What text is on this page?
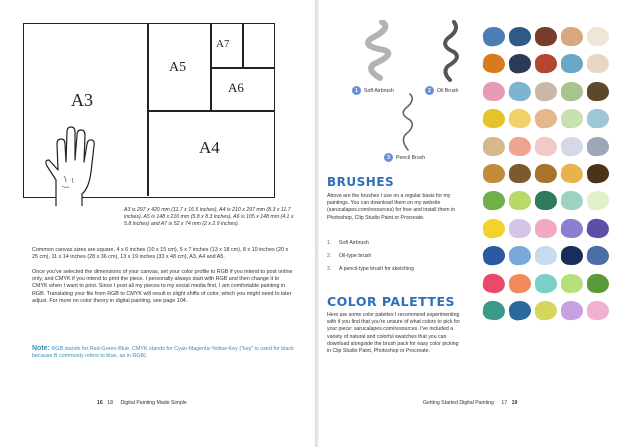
A3
A4
A5
A6
A7
A3 is 297 x 420 mm (11.7 x 16.5 inches), A4 is 210 x 297 mm (8.3 x 11.7 inches), A5 is 148 x 210 mm (5.8 x 8.3 inches), A6 is 105 x 148 mm (4.1 x 5.8 inches) and A7 is 52 x 74 mm (2 x 2.9 inches).

Common canvas sizes are square, 4 x 6 inches (10 x 15 cm), 5 x 7 inches (13 x 18 cm), 8 x 10 inches (20 x 25 cm), 11 x 14 inches (28 x 36 cm), 13 x 19 inches (33 x 48 cm), A3, A4 and A5.

Once you've selected the dimensions of your canvas, set your color profile to RGB if you intend to post online only, and CMYK if you intend to print the piece. I personally always start with RGB and then change it to CMYK when I want to print. Since I post all my pieces to my social media first, I am comfortable painting in RGB. Translating your file from RGB to CMYK will result in slight shifts of color, which you might need to later adjust. For more on color theory in digital painting, see page 104.

Note: RGB stands for Red-Green-Blue. CMYK stands for Cyan-Magenta-Yellow-Key ("key" is used for black because B commonly refers to blue, as in RGB).
16 18 Digital Painting Made Simple
1	Soft Airbrush	2	Oil Brush
3	Pencil Brush
BRUSHES

Above are the brushes I use on a regular basis for my paintings. You can download them on my website (sarucalapes.com/resources) for free and install them in Photoshop, Clip Studio Paint or Procreate.

1.	Soft Airbrush
2.	Oil-type brush
3.	A pencil-type brush for sketching
COLOR PALETTES

Here are some color palettes I recommend experimenting with if you find that you're unsure of what colors to pick for your piece: sarucalapes.com/resources. I've included a variety of natural and colorful swatches that you can download alongside the brush pack for easy color picking in Clip Studio Paint, Photoshop or Procreate.

Getting Started Digital Painting 17 19
